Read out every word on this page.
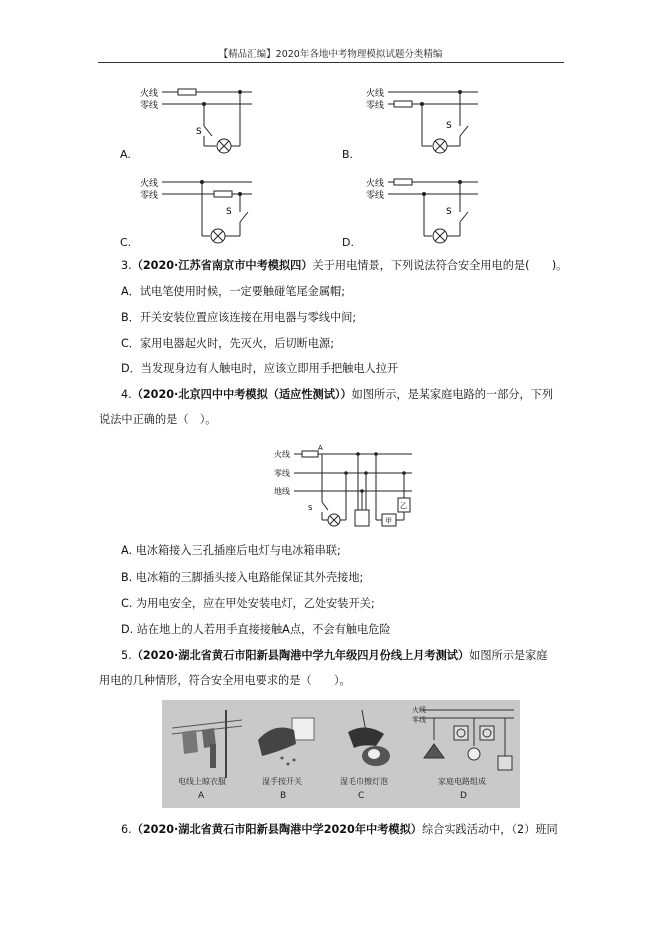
【精品汇编】2020年各地中考物理模拟试题分类精编
火线
零线
S
A.
火线
零线
S
B.
火线
零线
S
C.
火线
零线
S
D.
3.（2020·江苏省南京市中考模拟四）关于用电情景，下列说法符合安全用电的是(　　)。
A．试电笔使用时候，一定要触碰笔尾金属帽;
B．开关安装位置应该连接在用电器与零线中间;
C．家用电器起火时，先灭火，后切断电源;
D．当发现身边有人触电时，应该立即用手把触电人拉开
4.（2020·北京四中中考模拟（适应性测试））如图所示，是某家庭电路的一部分，下列
说法中正确的是（　）。
火线
零线
地线
A
S
甲
乙
A. 电冰箱接入三孔插座后电灯与电冰箱串联;
B. 电冰箱的三脚插头接入电路能保证其外壳接地;
C. 为用电安全，应在甲处安装电灯，乙处安装开关;
D. 站在地上的人若用手直接接触A点，不会有触电危险
5.（2020·湖北省黄石市阳新县陶港中学九年级四月份线上月考测试）如图所示是家庭
用电的几种情形，符合安全用电要求的是（　　）。
火线
零线
电线上晾衣服
A
湿手按开关
B
湿毛巾擦灯泡
C
家庭电路组成
D
6.（2020·湖北省黄石市阳新县陶港中学2020年中考模拟）综合实践活动中，（2）班同
